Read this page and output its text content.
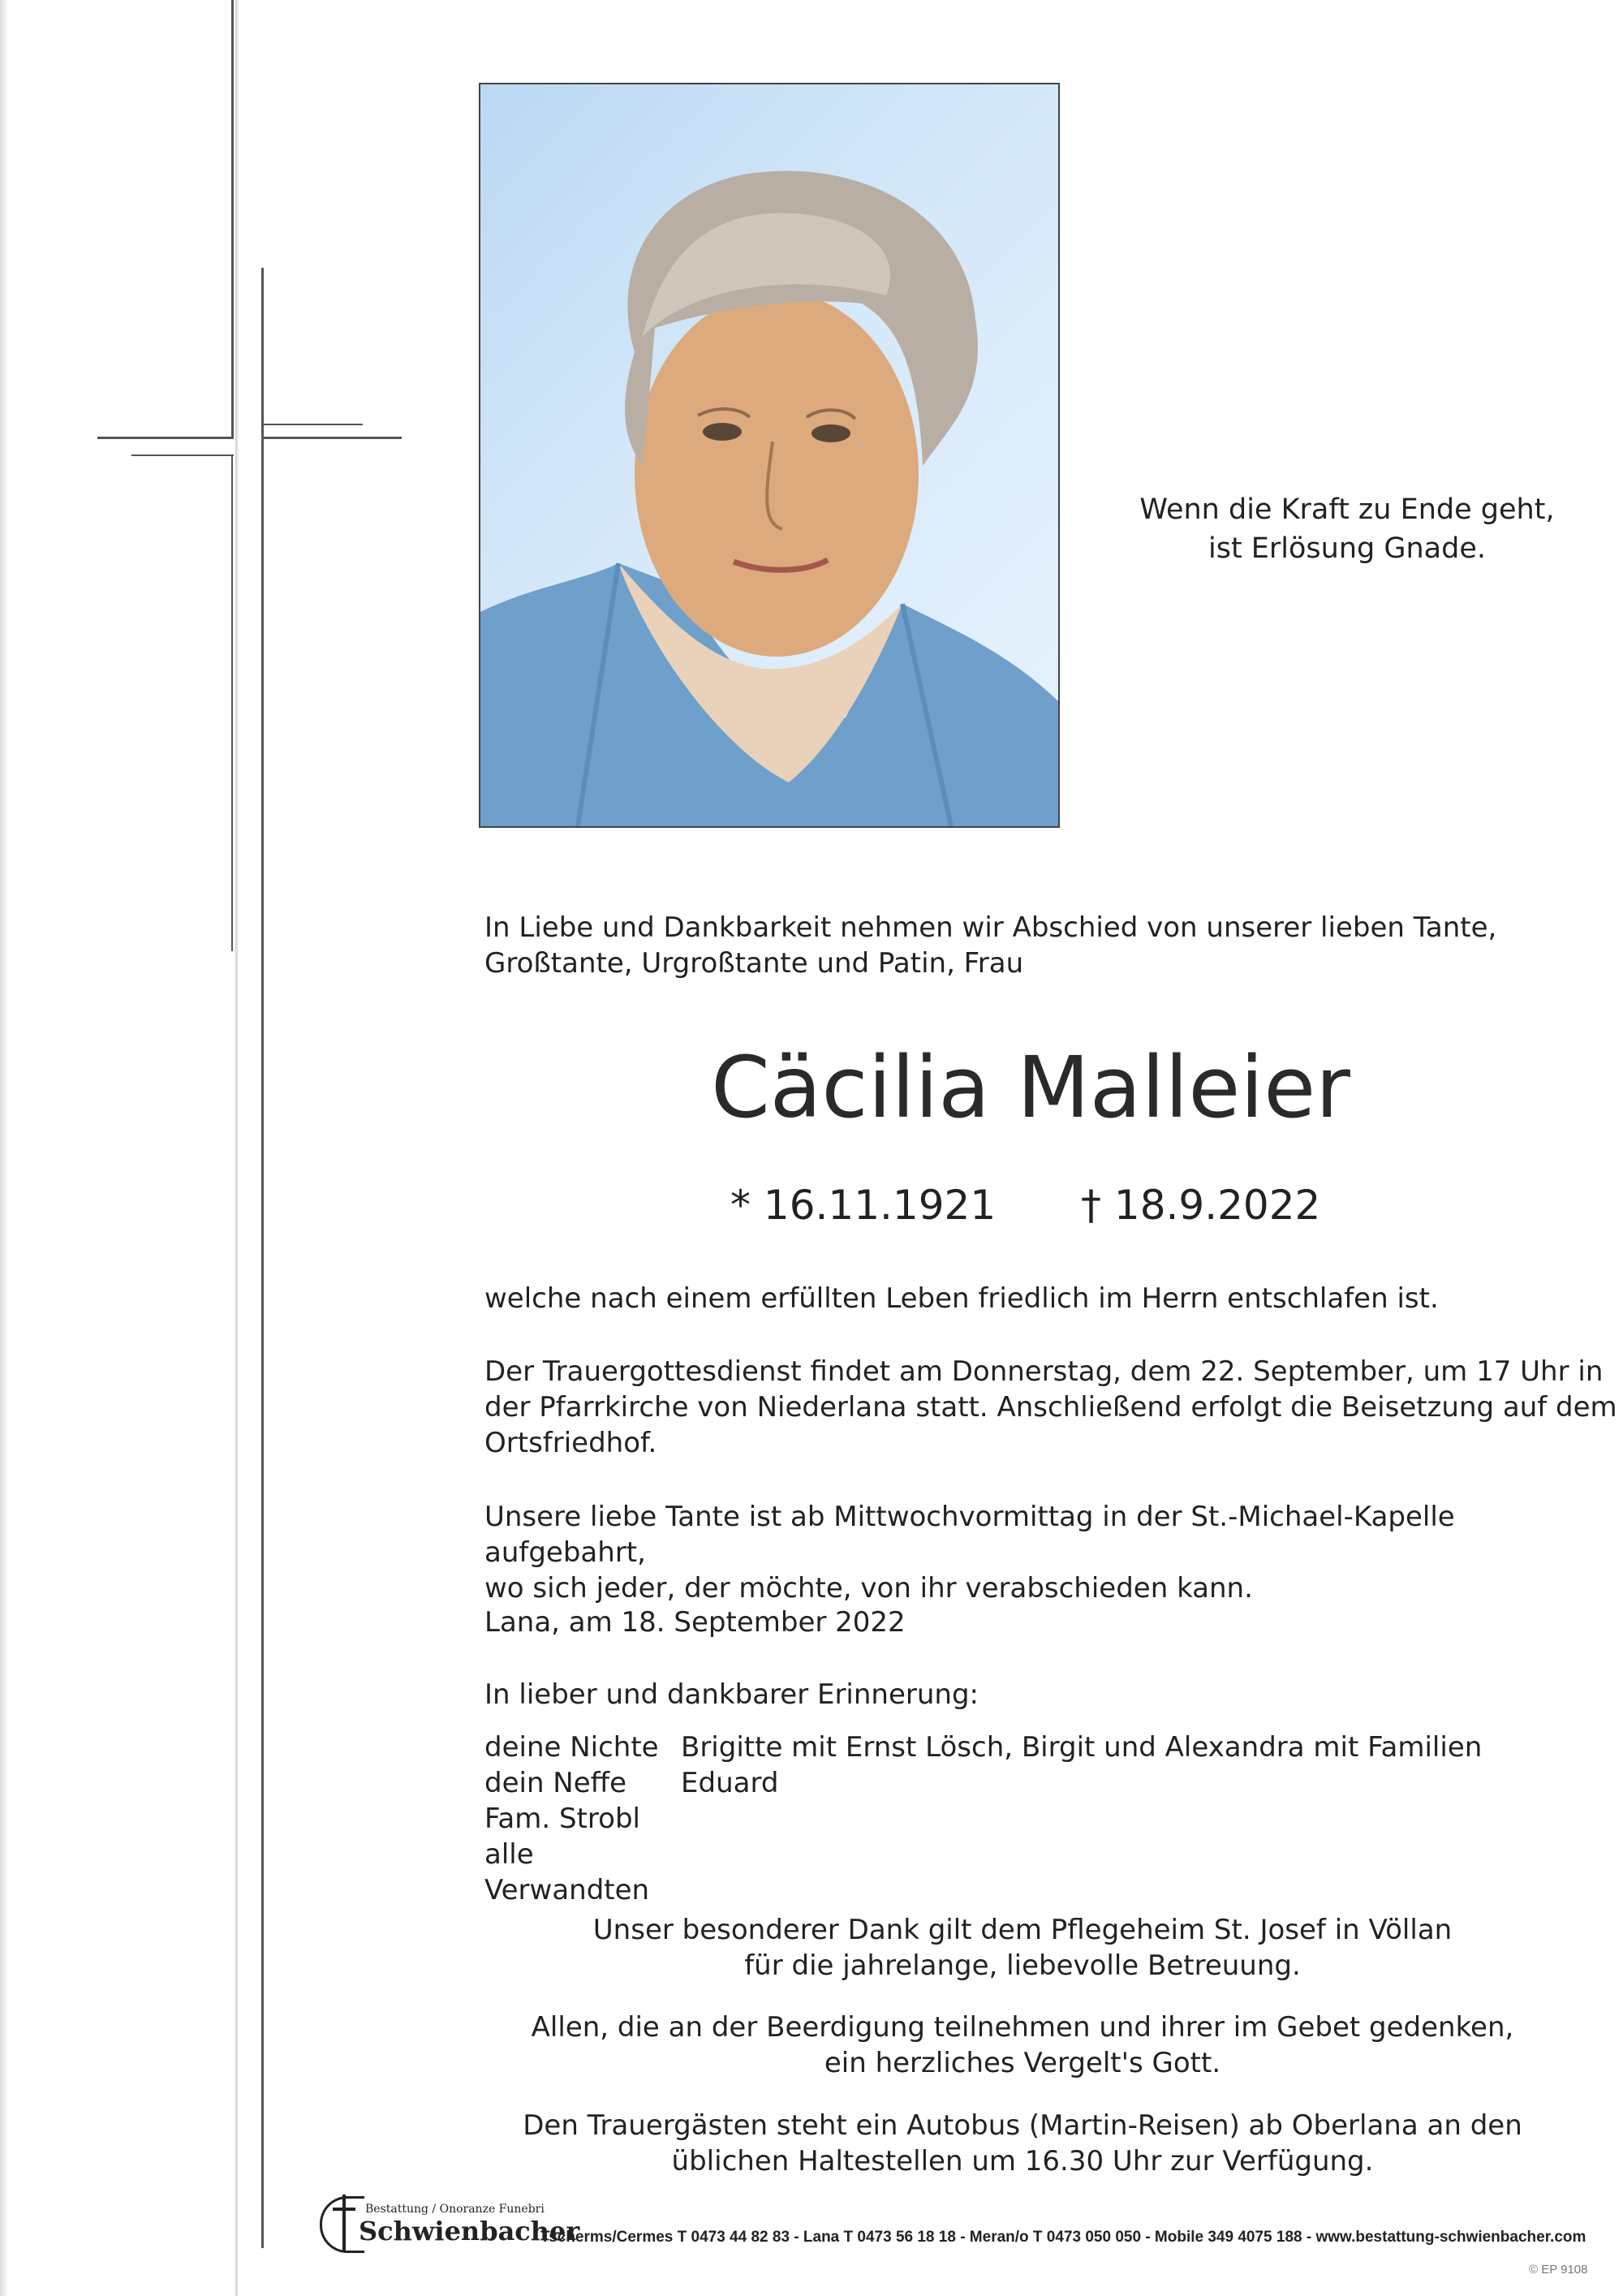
Wenn die Kraft zu Ende geht,
ist Erlösung Gnade.
In Liebe und Dankbarkeit nehmen wir Abschied von unserer lieben Tante,
Großtante, Urgroßtante und Patin, Frau
Cäcilia Malleier
* 16.11.1921 † 18.9.2022
welche nach einem erfüllten Leben friedlich im Herrn entschlafen ist.
Der Trauergottesdienst findet am Donnerstag, dem 22. September, um 17 Uhr in
der Pfarrkirche von Niederlana statt. Anschließend erfolgt die Beisetzung auf dem
Ortsfriedhof.
Unsere liebe Tante ist ab Mittwochvormittag in der St.-Michael-Kapelle aufgebahrt,
wo sich jeder, der möchte, von ihr verabschieden kann.
Lana, am 18. September 2022
In lieber und dankbarer Erinnerung:
deine Nichte Brigitte mit Ernst Lösch, Birgit und Alexandra mit Familien
dein Neffe	Eduard
Fam. Strobl
alle Verwandten
Unser besonderer Dank gilt dem Pflegeheim St. Josef in Völlan
für die jahrelange, liebevolle Betreuung.
Allen, die an der Beerdigung teilnehmen und ihrer im Gebet gedenken,
ein herzliches Vergelt's Gott.
Den Trauergästen steht ein Autobus (Martin-Reisen) ab Oberlana an den
üblichen Haltestellen um 16.30 Uhr zur Verfügung.
Bestattung / Onoranze Funebri
Schwienbacher
Tscherms/Cermes T 0473 44 82 83 - Lana T 0473 56 18 18 - Meran/o T 0473 050 050 - Mobile 349 4075 188 - www.bestattung-schwienbacher.com
© EP 9108
